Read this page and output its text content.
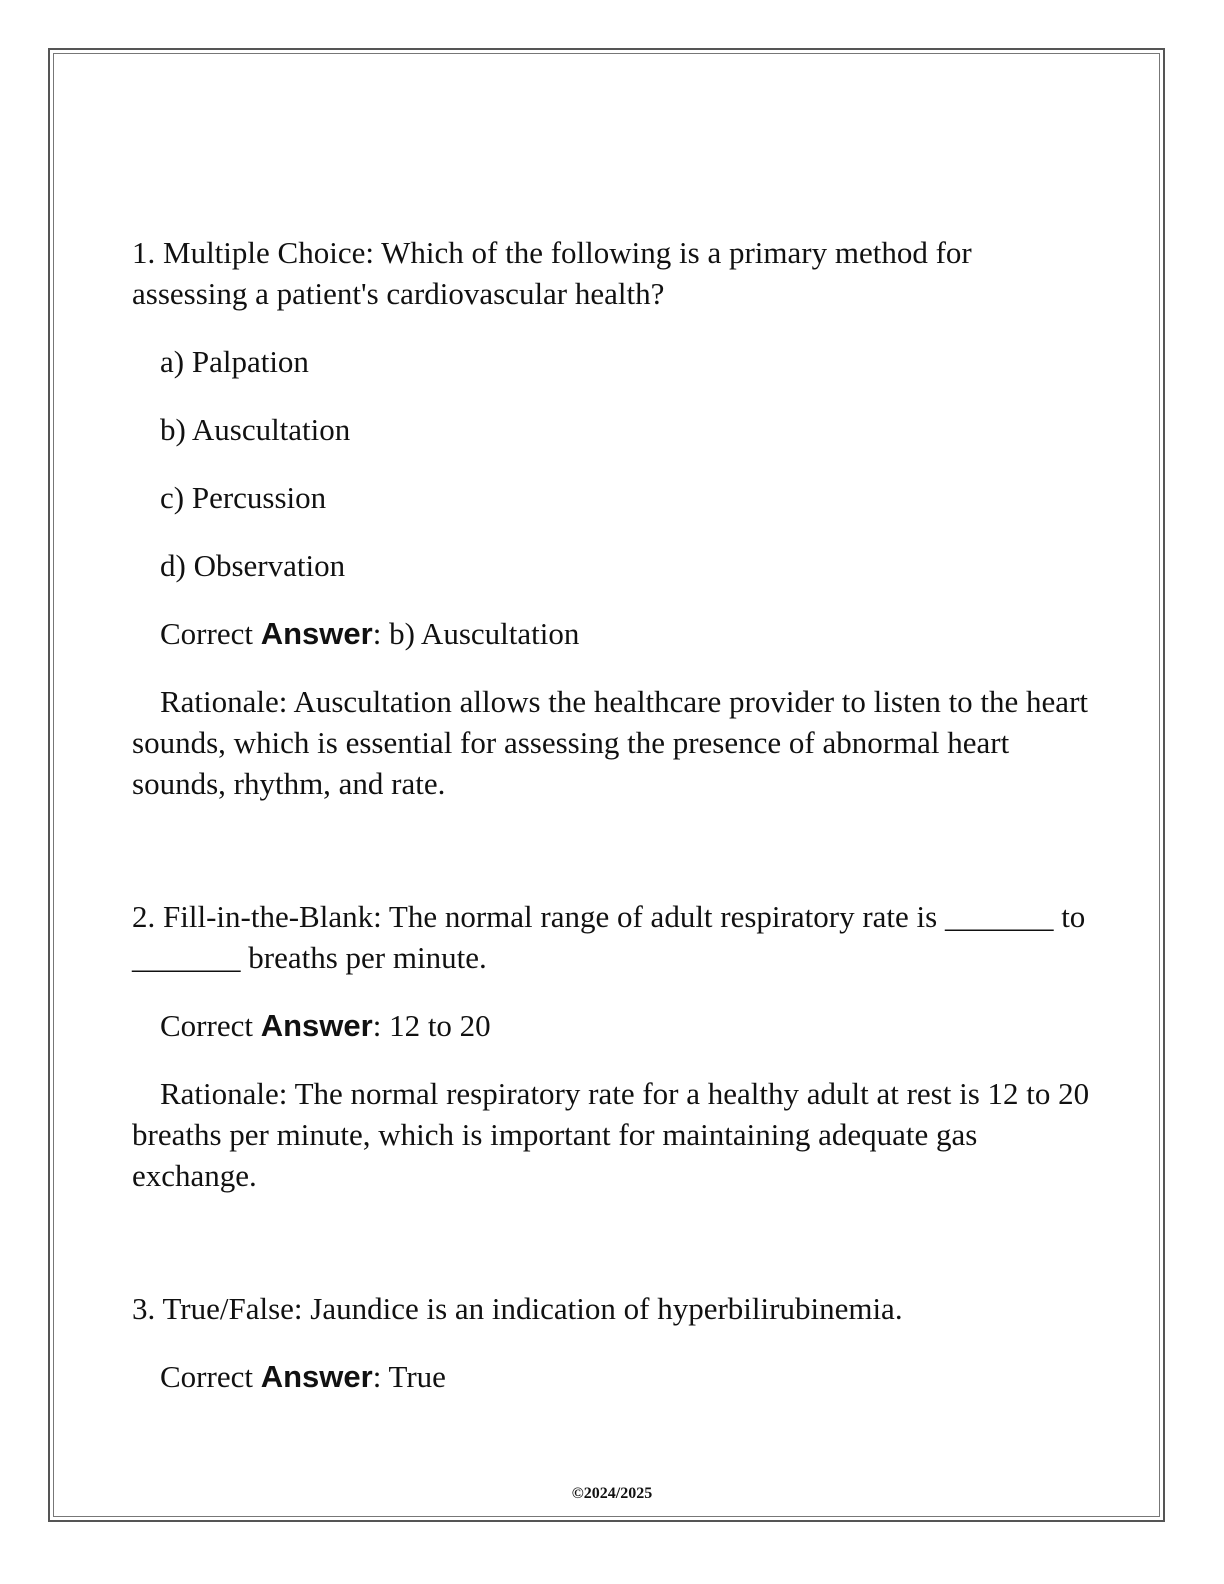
1. Multiple Choice: Which of the following is a primary method for assessing a patient's cardiovascular health?

a) Palpation

b) Auscultation

c) Percussion

d) Observation

Correct Answer: b) Auscultation

Rationale: Auscultation allows the healthcare provider to listen to the heart sounds, which is essential for assessing the presence of abnormal heart sounds, rhythm, and rate.

2. Fill-in-the-Blank: The normal range of adult respiratory rate is _______ to _______ breaths per minute.

Correct Answer: 12 to 20

Rationale: The normal respiratory rate for a healthy adult at rest is 12 to 20 breaths per minute, which is important for maintaining adequate gas exchange.

3. True/False: Jaundice is an indication of hyperbilirubinemia.

Correct Answer: True

©2024/2025
